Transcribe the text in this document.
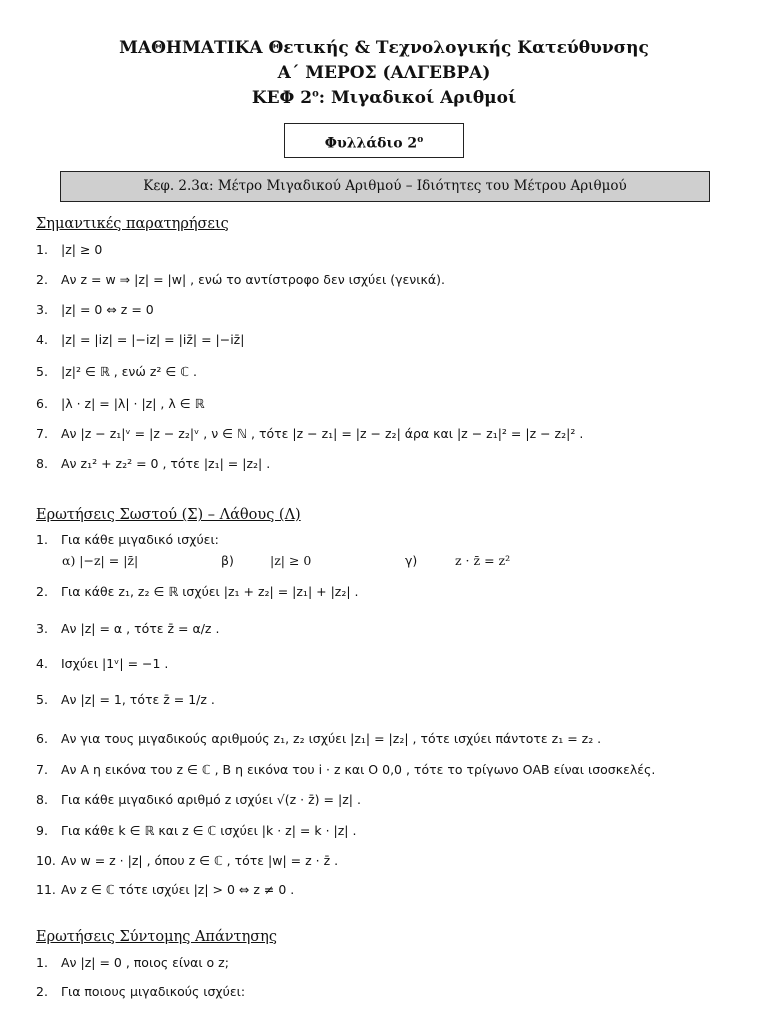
ΜΑΘΗΜΑΤΙΚΑ Θετικής & Τεχνολογικής Κατεύθυνσης
Α΄ ΜΕΡΟΣ (ΑΛΓΕΒΡΑ)
ΚΕΦ $2^o$: Μιγαδικοί Αριθμοί
Φυλλάδιο $2^o$
Κεφ. 2.3α: Μέτρο Μιγαδικού Αριθμού – Ιδιότητες του Μέτρου Αριθμού
Σημαντικές παρατηρήσεις
1. |z| ≥ 0
2. Αν z = w ⇒ |z| = |w| , ενώ το αντίστροφο δεν ισχύει (γενικά).
3. |z| = 0 ⇔ z = 0
4. |z| = |iz| = |−iz| = |iz̄| = |−iz̄|
5. |z|² ∈ ℝ , ενώ z² ∈ ℂ .
6. |λ · z| = |λ| · |z| , λ ∈ ℝ
7. Αν |z − z₁|ᵛ = |z − z₂|ᵛ , ν ∈ ℕ , τότε |z − z₁| = |z − z₂| άρα και |z − z₁|² = |z − z₂|² .
8. Αν z₁² + z₂² = 0 , τότε |z₁| = |z₂| .
Ερωτήσεις Σωστού (Σ) – Λάθους (Λ)
1. Για κάθε μιγαδικό ισχύει:
α) |−z| = |z̄|	β)	|z| ≥ 0	γ)	z · z̄ = z²
2. Για κάθε z₁, z₂ ∈ ℝ ισχύει |z₁ + z₂| = |z₁| + |z₂| .
3. Αν |z| = α , τότε z̄ = α/z .
4. Ισχύει |1ᵛ| = −1 .
5. Αν |z| = 1, τότε z̄ = 1/z .
6. Αν για τους μιγαδικούς αριθμούς z₁, z₂ ισχύει |z₁| = |z₂| , τότε ισχύει πάντοτε z₁ = z₂ .
7. Αν Α η εικόνα του z ∈ ℂ , Β η εικόνα του i · z και Ο 0,0 , τότε το τρίγωνο ΟΑΒ είναι ισοσκελές.
8. Για κάθε μιγαδικό αριθμό z ισχύει √(z · z̄) = |z| .
9. Για κάθε k ∈ ℝ και z ∈ ℂ ισχύει |k · z| = k · |z| .
10. Αν w = z · |z| , όπου z ∈ ℂ , τότε |w| = z · z̄ .
11. Αν z ∈ ℂ τότε ισχύει |z| > 0 ⇔ z ≠ 0 .
Ερωτήσεις Σύντομης Απάντησης
1. Αν |z| = 0 , ποιος είναι ο z;
2. Για ποιους μιγαδικούς ισχύει:
